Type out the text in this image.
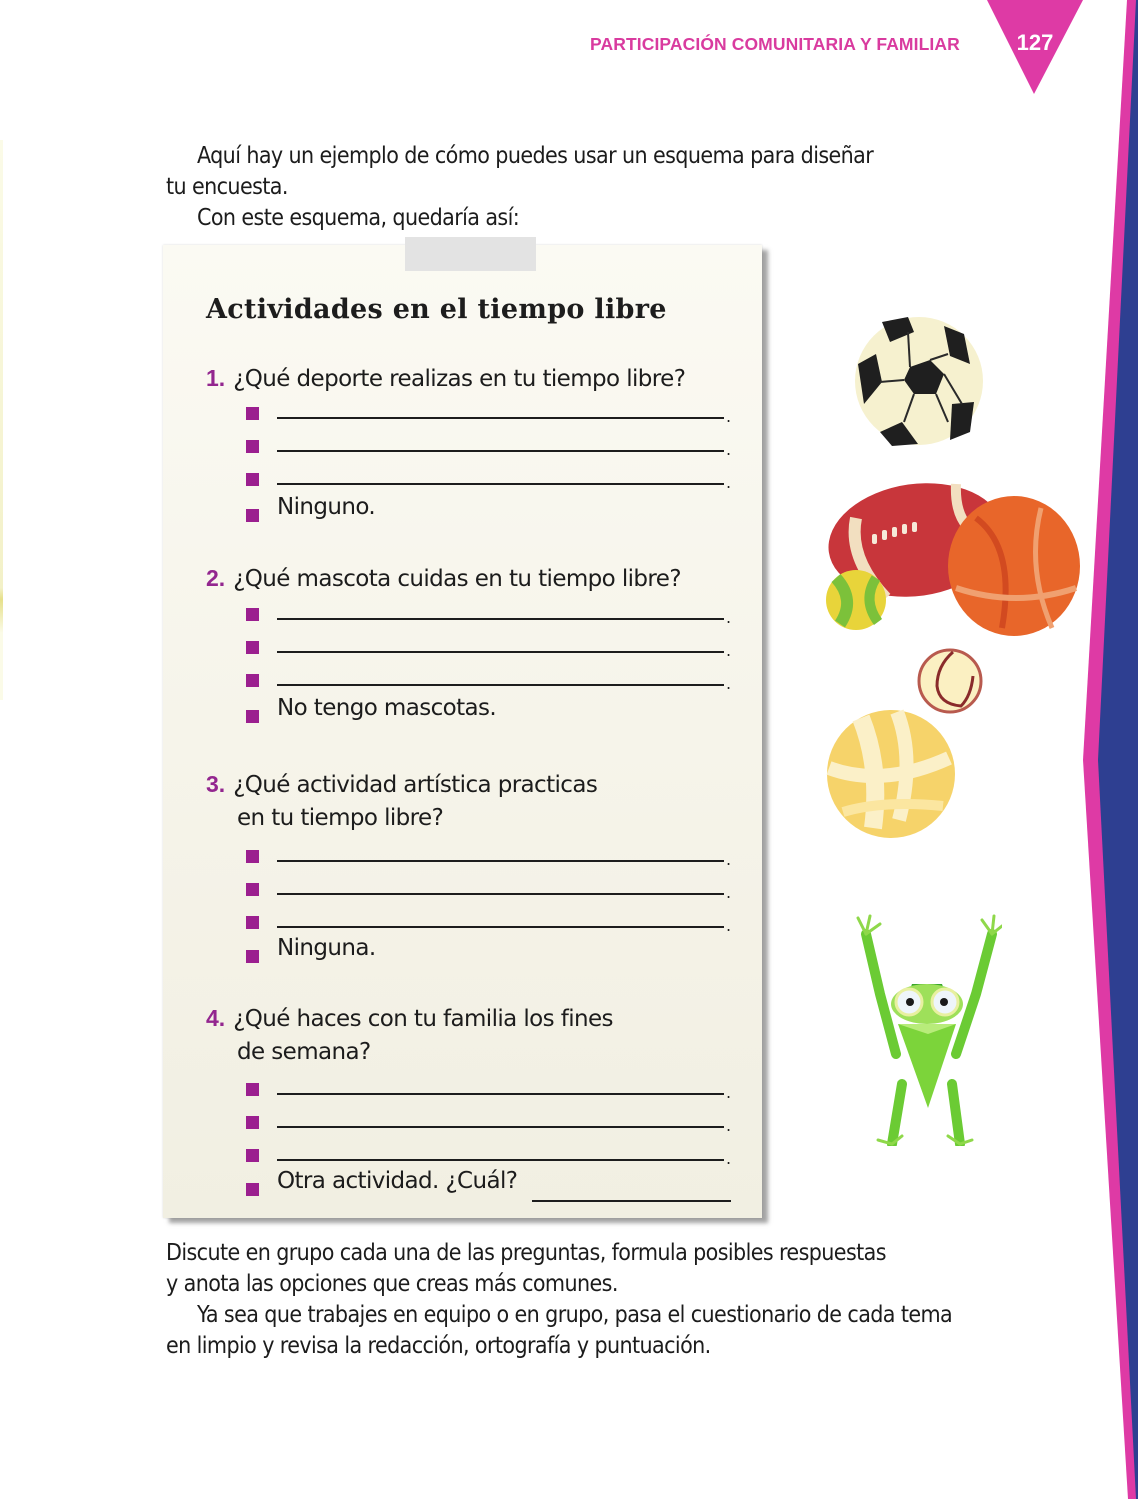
PARTICIPACIÓN COMUNITARIA Y FAMILIAR	127
Aquí hay un ejemplo de cómo puedes usar un esquema para diseñar
tu encuesta.
Con este esquema, quedaría así:
Actividades en el tiempo libre
1. ¿Qué deporte realizas en tu tiempo libre?
.
.
.
Ninguno.
2. ¿Qué mascota cuidas en tu tiempo libre?
.
.
.
No tengo mascotas.
3. ¿Qué actividad artística practicas
en tu tiempo libre?
.
.
.
Ninguna.
4. ¿Qué haces con tu familia los fines
de semana?
.
.
.
Otra actividad. ¿Cuál?
Discute en grupo cada una de las preguntas, formula posibles respuestas
y anota las opciones que creas más comunes.
Ya sea que trabajes en equipo o en grupo, pasa el cuestionario de cada tema
en limpio y revisa la redacción, ortografía y puntuación.
